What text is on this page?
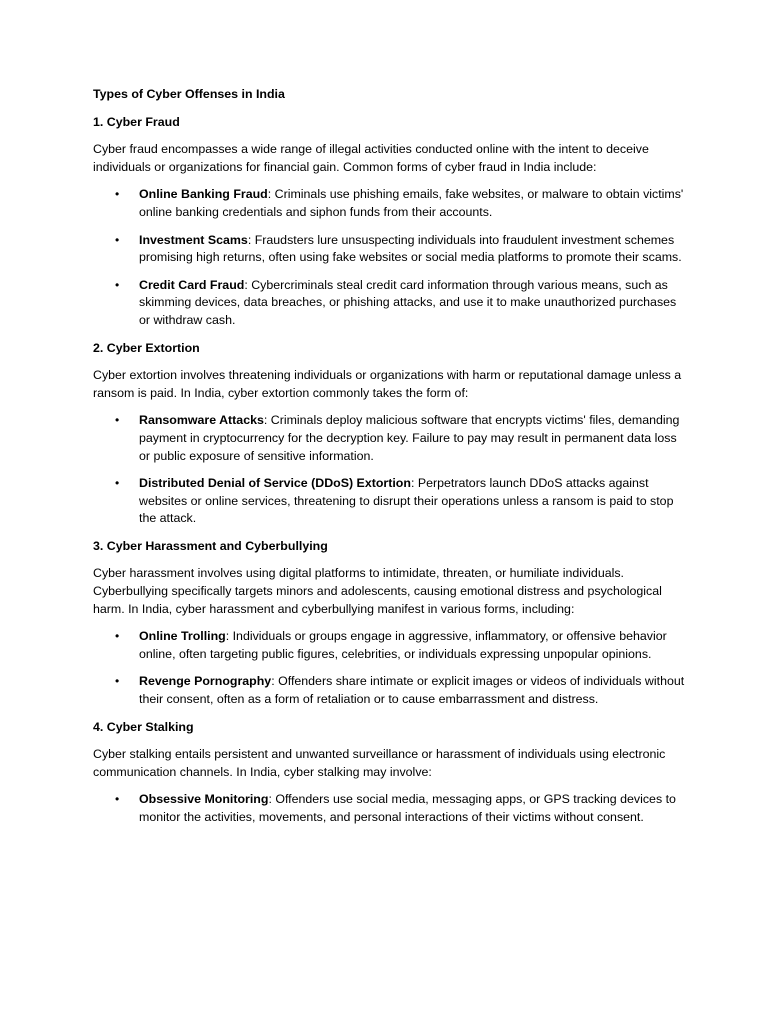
Types of Cyber Offenses in India
1. Cyber Fraud

Cyber fraud encompasses a wide range of illegal activities conducted online with the intent to deceive individuals or organizations for financial gain. Common forms of cyber fraud in India include:

• Online Banking Fraud: Criminals use phishing emails, fake websites, or malware to obtain victims' online banking credentials and siphon funds from their accounts.
• Investment Scams: Fraudsters lure unsuspecting individuals into fraudulent investment schemes promising high returns, often using fake websites or social media platforms to promote their scams.
• Credit Card Fraud: Cybercriminals steal credit card information through various means, such as skimming devices, data breaches, or phishing attacks, and use it to make unauthorized purchases or withdraw cash.
2. Cyber Extortion

Cyber extortion involves threatening individuals or organizations with harm or reputational damage unless a ransom is paid. In India, cyber extortion commonly takes the form of:

• Ransomware Attacks: Criminals deploy malicious software that encrypts victims' files, demanding payment in cryptocurrency for the decryption key. Failure to pay may result in permanent data loss or public exposure of sensitive information.
• Distributed Denial of Service (DDoS) Extortion: Perpetrators launch DDoS attacks against websites or online services, threatening to disrupt their operations unless a ransom is paid to stop the attack.
3. Cyber Harassment and Cyberbullying

Cyber harassment involves using digital platforms to intimidate, threaten, or humiliate individuals. Cyberbullying specifically targets minors and adolescents, causing emotional distress and psychological harm. In India, cyber harassment and cyberbullying manifest in various forms, including:

• Online Trolling: Individuals or groups engage in aggressive, inflammatory, or offensive behavior online, often targeting public figures, celebrities, or individuals expressing unpopular opinions.
• Revenge Pornography: Offenders share intimate or explicit images or videos of individuals without their consent, often as a form of retaliation or to cause embarrassment and distress.
4. Cyber Stalking

Cyber stalking entails persistent and unwanted surveillance or harassment of individuals using electronic communication channels. In India, cyber stalking may involve:

• Obsessive Monitoring: Offenders use social media, messaging apps, or GPS tracking devices to monitor the activities, movements, and personal interactions of their victims without consent.
